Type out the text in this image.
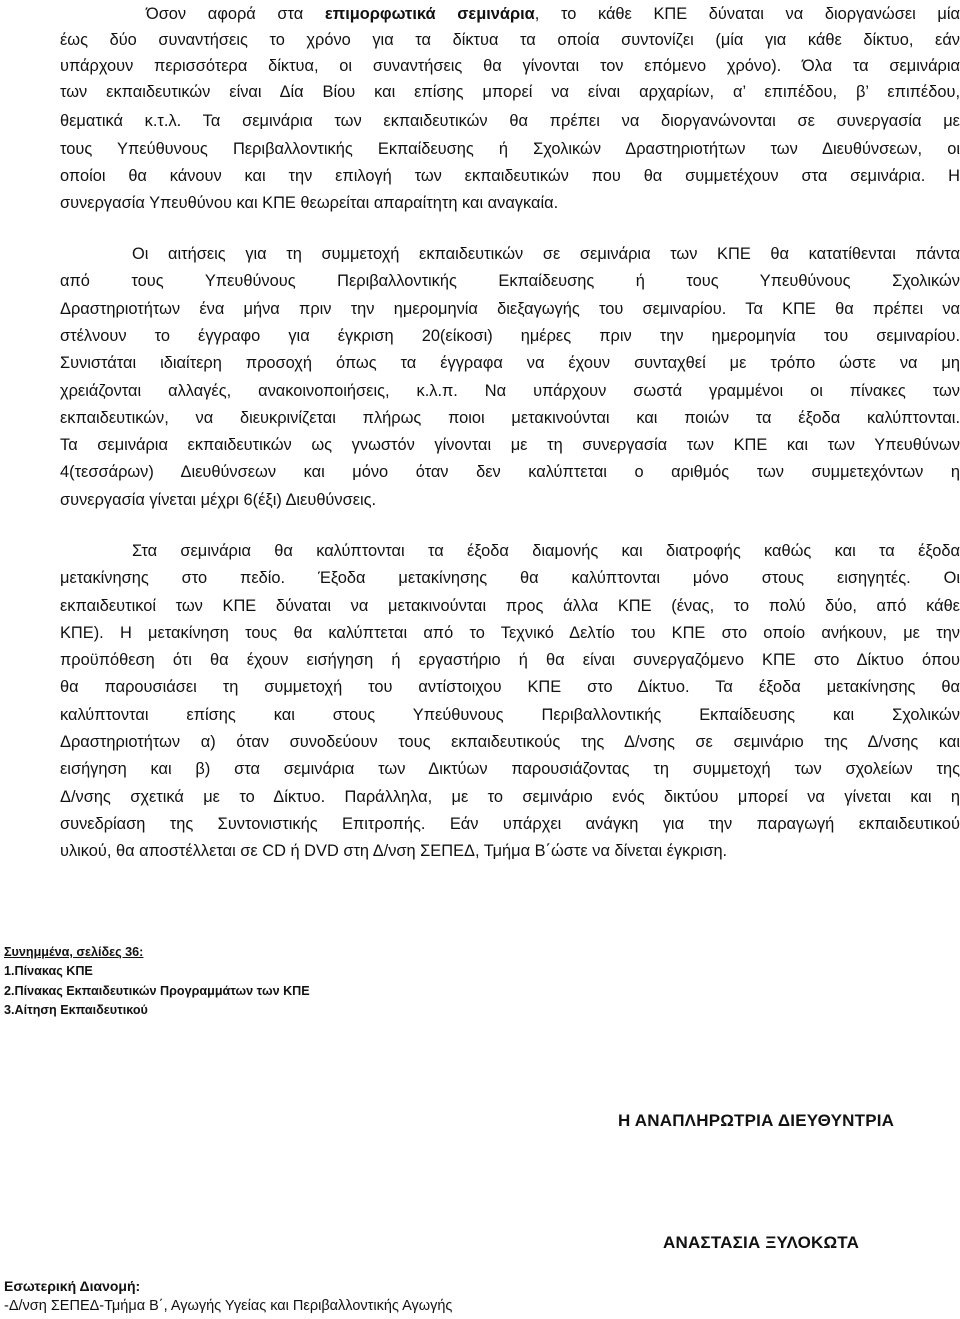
Όσον αφορά στα επιμορφωτικά σεμινάρια, το κάθε ΚΠΕ δύναται να διοργανώσει μία
έως δύο συναντήσεις το χρόνο για τα δίκτυα τα οποία συντονίζει (μία για κάθε δίκτυο, εάν
υπάρχουν περισσότερα δίκτυα, οι συναντήσεις θα γίνονται τον επόμενο χρόνο). Όλα τα σεμινάρια
των εκπαιδευτικών είναι Δία Βίου και επίσης μπορεί να είναι αρχαρίων, α’ επιπέδου, β’ επιπέδου,
θεματικά κ.τ.λ. Τα σεμινάρια των εκπαιδευτικών θα πρέπει να διοργανώνονται σε συνεργασία με
τους Υπεύθυνους Περιβαλλοντικής Εκπαίδευσης ή Σχολικών Δραστηριοτήτων των Διευθύνσεων, οι
οποίοι θα κάνουν και την επιλογή των εκπαιδευτικών που θα συμμετέχουν στα σεμινάρια. Η
συνεργασία Υπευθύνου και ΚΠΕ θεωρείται απαραίτητη και αναγκαία.
Οι αιτήσεις για τη συμμετοχή εκπαιδευτικών σε σεμινάρια των ΚΠΕ θα κατατίθενται πάντα
από τους Υπευθύνους Περιβαλλοντικής Εκπαίδευσης ή τους Υπευθύνους Σχολικών
Δραστηριοτήτων ένα μήνα πριν την ημερομηνία διεξαγωγής του σεμιναρίου. Τα ΚΠΕ θα πρέπει να
στέλνουν το έγγραφο για έγκριση 20(είκοσι) ημέρες πριν την ημερομηνία του σεμιναρίου.
Συνιστάται ιδιαίτερη προσοχή όπως τα έγγραφα να έχουν συνταχθεί με τρόπο ώστε να μη
χρειάζονται αλλαγές, ανακοινοποιήσεις, κ.λ.π. Να υπάρχουν σωστά γραμμένοι οι πίνακες των
εκπαιδευτικών, να διευκρινίζεται πλήρως ποιοι μετακινούνται και ποιών τα έξοδα καλύπτονται.
Τα σεμινάρια εκπαιδευτικών ως γνωστόν γίνονται με τη συνεργασία των ΚΠΕ και των Υπευθύνων
4(τεσσάρων) Διευθύνσεων και μόνο όταν δεν καλύπτεται ο αριθμός των συμμετεχόντων η
συνεργασία γίνεται μέχρι 6(έξι) Διευθύνσεις.
Στα σεμινάρια θα καλύπτονται τα έξοδα διαμονής και διατροφής καθώς και τα έξοδα
μετακίνησης στο πεδίο. Έξοδα μετακίνησης θα καλύπτονται μόνο στους εισηγητές. Οι
εκπαιδευτικοί των ΚΠΕ δύναται να μετακινούνται προς άλλα ΚΠΕ (ένας, το πολύ δύο, από κάθε
ΚΠΕ). Η μετακίνηση τους θα καλύπτεται από το Τεχνικό Δελτίο του ΚΠΕ στο οποίο ανήκουν, με την
προϋπόθεση ότι θα έχουν εισήγηση ή εργαστήριο ή θα είναι συνεργαζόμενο ΚΠΕ στο Δίκτυο όπου
θα παρουσιάσει τη συμμετοχή του αντίστοιχου ΚΠΕ στο Δίκτυο. Τα έξοδα μετακίνησης θα
καλύπτονται επίσης και στους Υπεύθυνους Περιβαλλοντικής Εκπαίδευσης και Σχολικών
Δραστηριοτήτων α) όταν συνοδεύουν τους εκπαιδευτικούς της Δ/νσης σε σεμινάριο της Δ/νσης και
εισήγηση και β) στα σεμινάρια των Δικτύων παρουσιάζοντας τη συμμετοχή των σχολείων της
Δ/νσης σχετικά με το Δίκτυο. Παράλληλα, με το σεμινάριο ενός δικτύου μπορεί να γίνεται και η
συνεδρίαση της Συντονιστικής Επιτροπής. Εάν υπάρχει ανάγκη για την παραγωγή εκπαιδευτικού
υλικού, θα αποστέλλεται σε CD ή DVD στη Δ/νση ΣΕΠΕΔ, Τμήμα Β΄ώστε να δίνεται έγκριση.
Συνημμένα, σελίδες 36:
1.Πίνακας ΚΠΕ
2.Πίνακας Εκπαιδευτικών Προγραμμάτων των ΚΠΕ
3.Αίτηση Εκπαιδευτικού
Η ΑΝΑΠΛΗΡΩΤΡΙΑ ΔΙΕΥΘΥΝΤΡΙΑ
ΑΝΑΣΤΑΣΙΑ ΞΥΛΟΚΩΤΑ
Εσωτερική Διανομή:
-Δ/νση ΣΕΠΕΔ-Τμήμα Β΄, Αγωγής Υγείας και Περιβαλλοντικής Αγωγής
